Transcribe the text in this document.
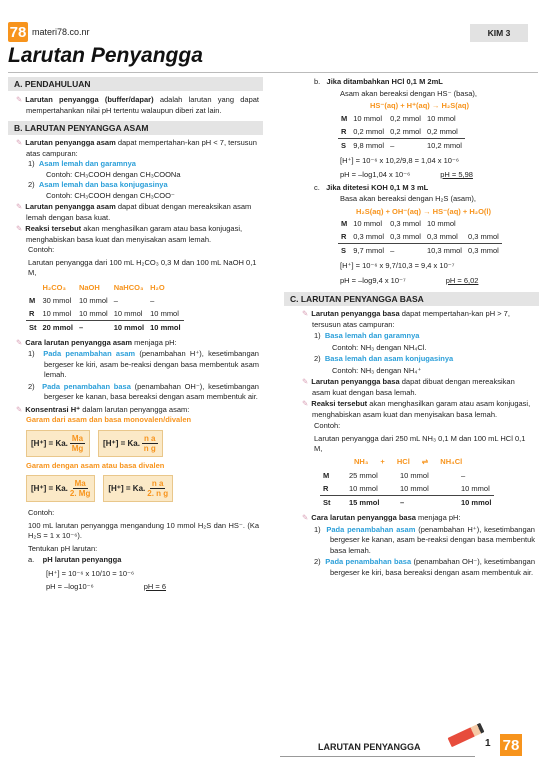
78 materi78.co.nr	KIM 3
Larutan Penyangga
A. PENDAHULUAN
✎ Larutan penyangga (buffer/dapar) adalah larutan yang dapat mempertahankan nilai pH tertentu walaupun diberi zat lain.
B. LARUTAN PENYANGGA ASAM
✎ Larutan penyangga asam dapat mempertahan-kan pH < 7, tersusun atas campuran:
1)  Asam lemah dan garamnya
Contoh: CH₃COOH dengan CH₃COONa
2)  Asam lemah dan basa konjugasinya
Contoh: CH₃COOH dengan CH₃COO⁻
✎ Larutan penyangga asam dapat dibuat dengan mereaksikan asam lemah dengan basa kuat.
✎ Reaksi tersebut akan menghasilkan garam atau basa konjugasi, menghabiskan basa kuat dan menyisakan asam lemah.
Contoh:
Larutan penyangga dari 100 mL H₂CO₃ 0,3 M dan 100 mL NaOH 0,1 M,
	H₂CO₃	NaOH	NaHCO₃	H₂O
M	30 mmol	10 mmol	–	–
R	10 mmol	10 mmol	10 mmol	10 mmol
St	20 mmol	–	10 mmol	10 mmol
✎ Cara larutan penyangga asam menjaga pH:
1)  Pada penambahan asam (penambahan H⁺), kesetimbangan bergeser ke kiri, asam be-reaksi dengan basa membentuk asam lemah.
2)  Pada penambahan basa (penambahan OH⁻), kesetimbangan bergeser ke kanan, basa bereaksi dengan asam membentuk air.
✎ Konsentrasi H⁺ dalam larutan penyangga asam:
Garam dari asam dan basa monovalen/divalen
[H⁺] = Ka. $\frac{Ma}{Mg} [H^+] = Ka$. $\frac{\text{n a}}{\text{n g}}$
Garam dengan asam atau basa divalen
[H⁺] = Ka. $\frac{Ma}{2. Mg} [H^+] = Ka$. $\frac{\text{n a}}{\text{2. n g}}$
Contoh:
100 mL larutan penyangga mengandung 10 mmol H₂S dan HS⁻. (Ka H₂S = 1 x 10⁻⁶).
Tentukan pH larutan:
a. pH larutan penyangga
[H⁺] = 10⁻⁶ x 10/10 = 10⁻⁶
pH = –log10⁻⁶	pH = 6
b. Jika ditambahkan HCl 0,1 M 2mL
Asam akan bereaksi dengan HS⁻ (basa),
HS⁻(aq) + H⁺(aq) → H₂S(aq)
M	10 mmol	0,2 mmol	10 mmol
R	0,2 mmol	0,2 mmol	0,2 mmol
S	9,8 mmol	–	10,2 mmol
[H⁺] = 10⁻⁶ x 10,2/9,8 = 1,04 x 10⁻⁶
pH = –log1,04 x 10⁻⁶	pH = 5,98
c. Jika ditetesi KOH 0,1 M 3 mL
Basa akan bereaksi dengan H₂S (asam),
H₂S(aq) + OH⁻(aq) → HS⁻(aq) + H₂O(l)
M	10 mmol	0,3 mmol	10 mmol	
R	0,3 mmol	0,3 mmol	0,3 mmol	0,3 mmol
S	9,7 mmol	–	10,3 mmol	0,3 mmol
[H⁺] = 10⁻⁶ x 9,7/10,3 = 9,4 x 10⁻⁷
pH = –log9,4 x 10⁻⁷	pH = 6,02
C. LARUTAN PENYANGGA BASA
✎ Larutan penyangga basa dapat mempertahan-kan pH > 7, tersusun atas campuran:
1)  Basa lemah dan garamnya
Contoh: NH₃ dengan NH₄Cl.
2)  Basa lemah dan asam konjugasinya
Contoh: NH₃ dengan NH₄⁺
✎ Larutan penyangga basa dapat dibuat dengan mereaksikan asam kuat dengan basa lemah.
✎ Reaksi tersebut akan menghasilkan garam atau asam konjugasi, menghabiskan asam kuat dan menyisakan basa lemah.
Contoh:
Larutan penyangga dari 250 mL NH₃ 0,1 M dan 100 mL HCl 0,1 M,
NH₃ + HCl ⇌ NH₄Cl
M	25 mmol	10 mmol	–
R	10 mmol	10 mmol	10 mmol
St	15 mmol	–	10 mmol
✎ Cara larutan penyangga basa menjaga pH:
1)  Pada penambahan asam (penambahan H⁺), kesetimbangan bergeser ke kanan, asam be-reaksi dengan basa membentuk basa lemah.
2)  Pada penambahan basa (penambahan OH⁻), kesetimbangan bergeser ke kiri, basa bereaksi dengan asam membentuk air.
LARUTAN PENYANGGA	1 78
